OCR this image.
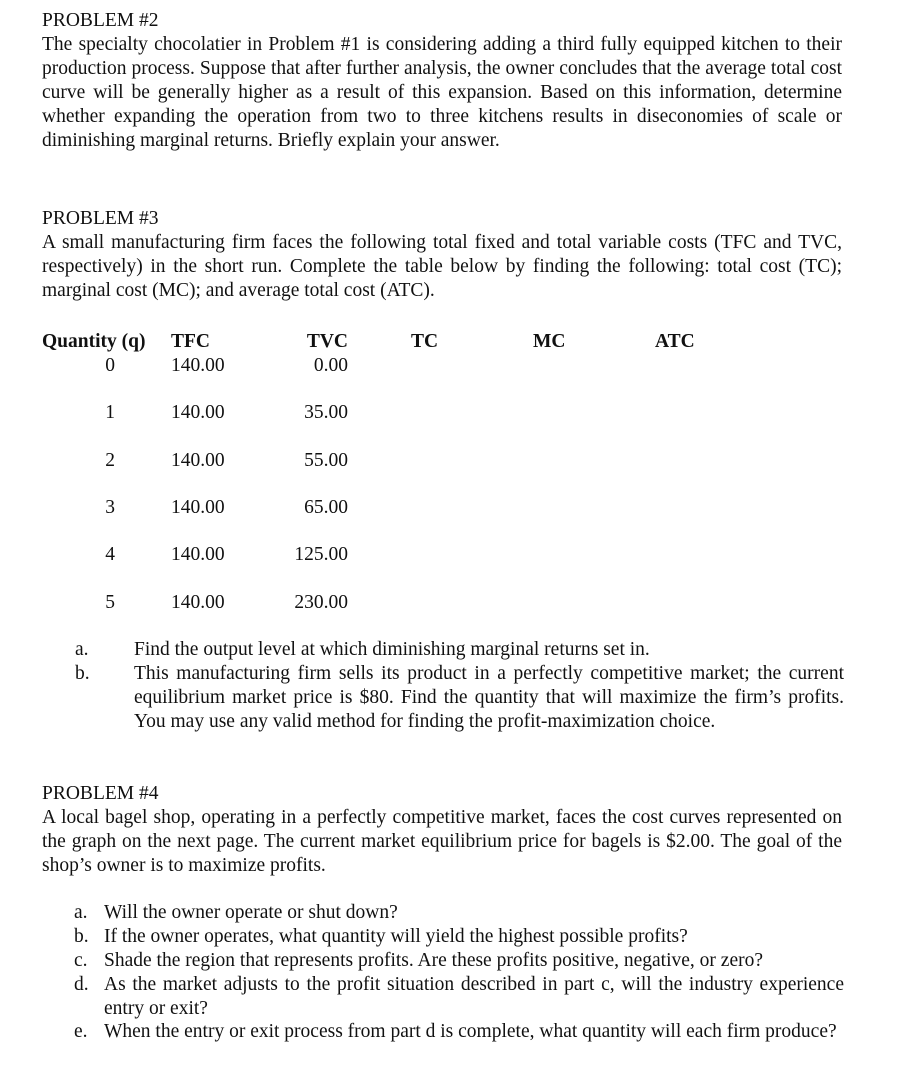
PROBLEM #2
The specialty chocolatier in Problem #1 is considering adding a third fully equipped kitchen to their production process. Suppose that after further analysis, the owner concludes that the average total cost curve will be generally higher as a result of this expansion. Based on this information, determine whether expanding the operation from two to three kitchens results in diseconomies of scale or diminishing marginal returns. Briefly explain your answer.
PROBLEM #3
A small manufacturing firm faces the following total fixed and total variable costs (TFC and TVC, respectively) in the short run. Complete the table below by finding the following: total cost (TC); marginal cost (MC); and average total cost (ATC).
Quantity (q) TFC	TVC	TC	MC	ATC
0	140.00	0.00
1	140.00	35.00
2	140.00	55.00
3	140.00	65.00
4	140.00	125.00
5	140.00	230.00
a. Find the output level at which diminishing marginal returns set in.
b. This manufacturing firm sells its product in a perfectly competitive market; the current equilibrium market price is $80. Find the quantity that will maximize the firm’s profits. You may use any valid method for finding the profit-maximization choice.
PROBLEM #4
A local bagel shop, operating in a perfectly competitive market, faces the cost curves represented on the graph on the next page. The current market equilibrium price for bagels is $2.00. The goal of the shop’s owner is to maximize profits.
a. Will the owner operate or shut down?
b. If the owner operates, what quantity will yield the highest possible profits?
c. Shade the region that represents profits. Are these profits positive, negative, or zero?
d. As the market adjusts to the profit situation described in part c, will the industry experience entry or exit?
e. When the entry or exit process from part d is complete, what quantity will each firm produce?
